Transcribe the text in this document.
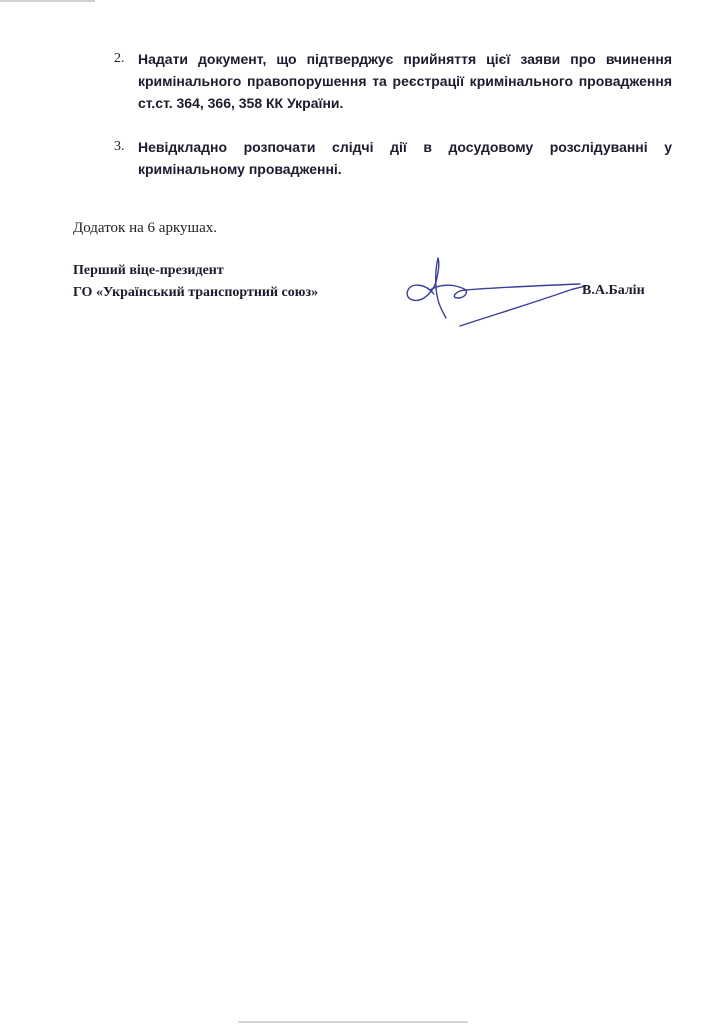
2. Надати документ, що підтверджує прийняття цієї заяви про вчинення кримінального правопорушення та реєстрації кримінального провадження ст.ст. 364, 366, 358 КК України.
3. Невідкладно розпочати слідчі дії в досудовому розслідуванні у кримінальному провадженні.
Додаток на 6 аркушах.
Перший віце-президент
ГО «Український транспортний союз»	В.А.Балін
